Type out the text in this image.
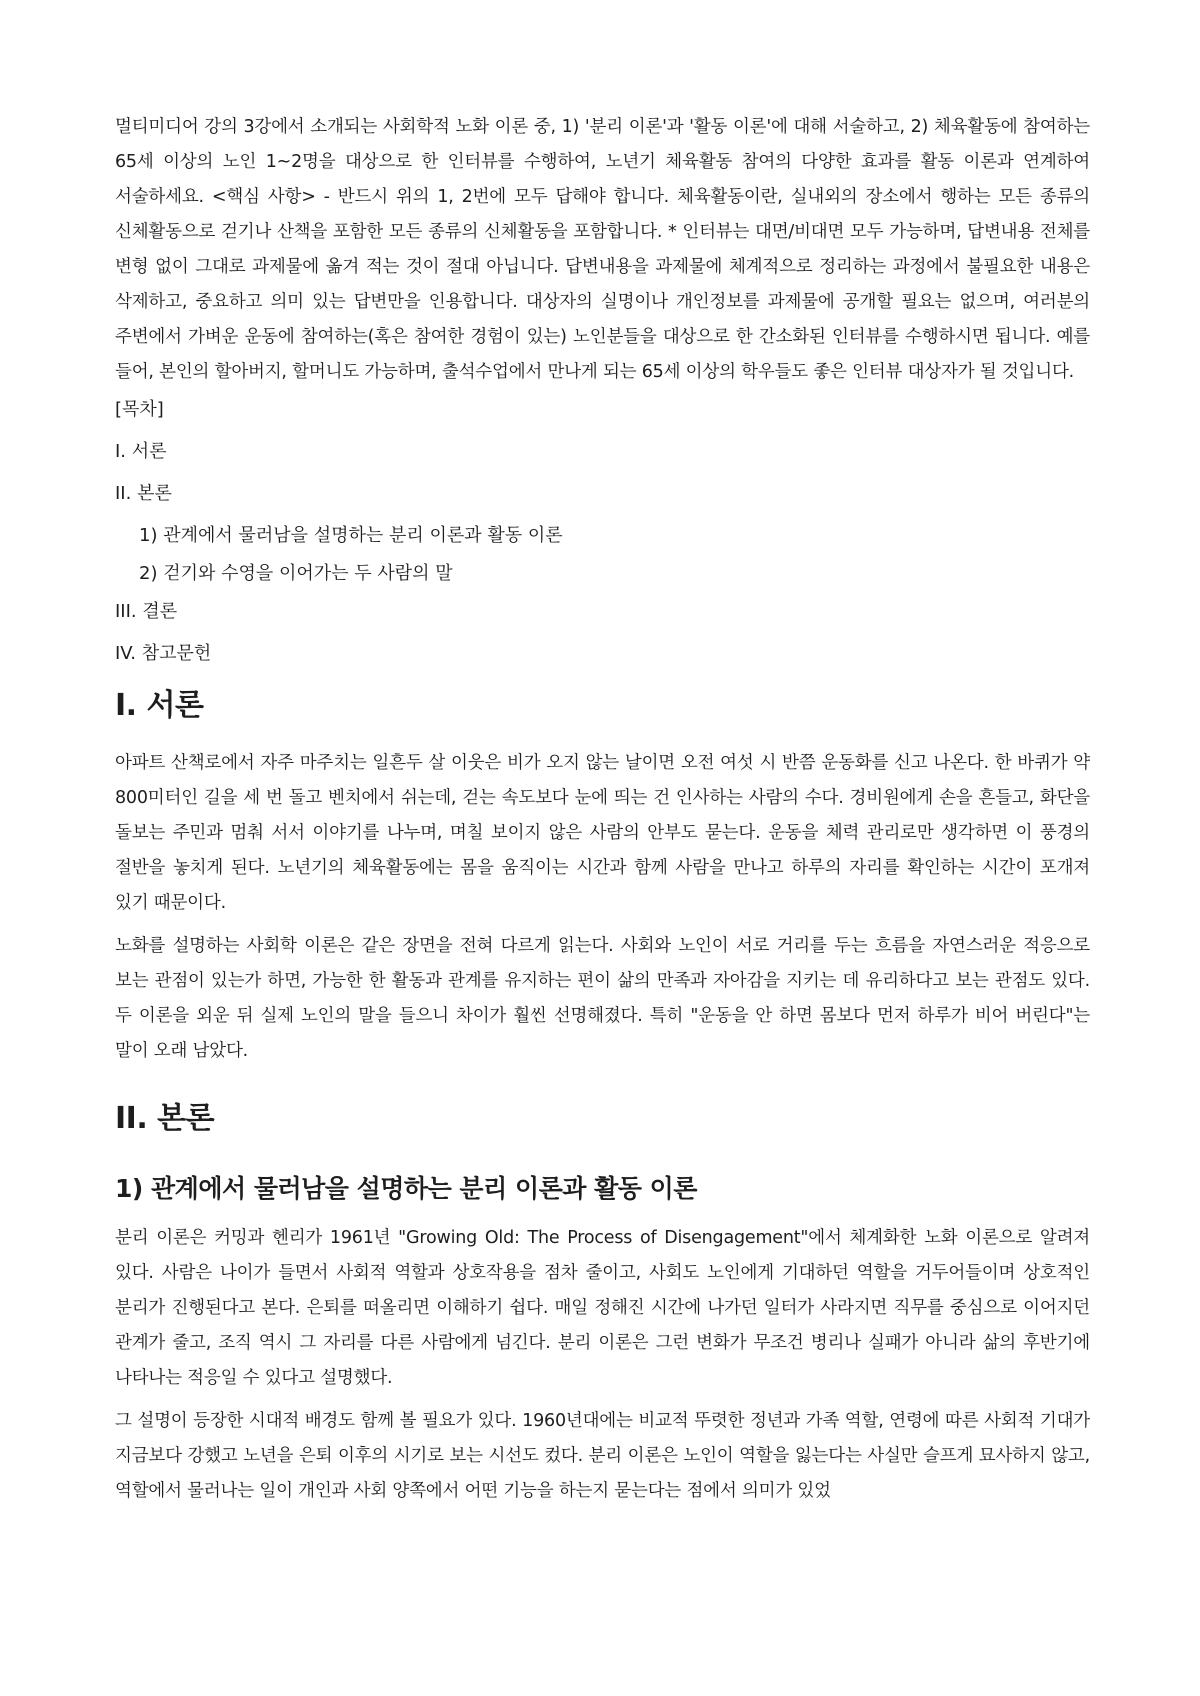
멀티미디어 강의 3강에서 소개되는 사회학적 노화 이론 중, 1) '분리 이론'과 '활동 이론'에 대해 서술하고, 2) 체육활동에 참여하는 65세 이상의 노인 1~2명을 대상으로 한 인터뷰를 수행하여, 노년기 체육활동 참여의 다양한 효과를 활동 이론과 연계하여 서술하세요. <핵심 사항> - 반드시 위의 1, 2번에 모두 답해야 합니다. 체육활동이란, 실내외의 장소에서 행하는 모든 종류의 신체활동으로 걷기나 산책을 포함한 모든 종류의 신체활동을 포함합니다. * 인터뷰는 대면/비대면 모두 가능하며, 답변내용 전체를 변형 없이 그대로 과제물에 옮겨 적는 것이 절대 아닙니다. 답변내용을 과제물에 체계적으로 정리하는 과정에서 불필요한 내용은 삭제하고, 중요하고 의미 있는 답변만을 인용합니다. 대상자의 실명이나 개인정보를 과제물에 공개할 필요는 없으며, 여러분의 주변에서 가벼운 운동에 참여하는(혹은 참여한 경험이 있는) 노인분들을 대상으로 한 간소화된 인터뷰를 수행하시면 됩니다. 예를 들어, 본인의 할아버지, 할머니도 가능하며, 출석수업에서 만나게 되는 65세 이상의 학우들도 좋은 인터뷰 대상자가 될 것입니다.

[목차]
I. 서론
II. 본론
1) 관계에서 물러남을 설명하는 분리 이론과 활동 이론
2) 걷기와 수영을 이어가는 두 사람의 말
III. 결론
IV. 참고문헌
I. 서론

아파트 산책로에서 자주 마주치는 일흔두 살 이웃은 비가 오지 않는 날이면 오전 여섯 시 반쯤 운동화를 신고 나온다. 한 바퀴가 약 800미터인 길을 세 번 돌고 벤치에서 쉬는데, 걷는 속도보다 눈에 띄는 건 인사하는 사람의 수다. 경비원에게 손을 흔들고, 화단을 돌보는 주민과 멈춰 서서 이야기를 나누며, 며칠 보이지 않은 사람의 안부도 묻는다. 운동을 체력 관리로만 생각하면 이 풍경의 절반을 놓치게 된다. 노년기의 체육활동에는 몸을 움직이는 시간과 함께 사람을 만나고 하루의 자리를 확인하는 시간이 포개져 있기 때문이다.

노화를 설명하는 사회학 이론은 같은 장면을 전혀 다르게 읽는다. 사회와 노인이 서로 거리를 두는 흐름을 자연스러운 적응으로 보는 관점이 있는가 하면, 가능한 한 활동과 관계를 유지하는 편이 삶의 만족과 자아감을 지키는 데 유리하다고 보는 관점도 있다. 두 이론을 외운 뒤 실제 노인의 말을 들으니 차이가 훨씬 선명해졌다. 특히 "운동을 안 하면 몸보다 먼저 하루가 비어 버린다"는 말이 오래 남았다.

II. 본론
1) 관계에서 물러남을 설명하는 분리 이론과 활동 이론

분리 이론은 커밍과 헨리가 1961년 "Growing Old: The Process of Disengagement"에서 체계화한 노화 이론으로 알려져 있다. 사람은 나이가 들면서 사회적 역할과 상호작용을 점차 줄이고, 사회도 노인에게 기대하던 역할을 거두어들이며 상호적인 분리가 진행된다고 본다. 은퇴를 떠올리면 이해하기 쉽다. 매일 정해진 시간에 나가던 일터가 사라지면 직무를 중심으로 이어지던 관계가 줄고, 조직 역시 그 자리를 다른 사람에게 넘긴다. 분리 이론은 그런 변화가 무조건 병리나 실패가 아니라 삶의 후반기에 나타나는 적응일 수 있다고 설명했다.

그 설명이 등장한 시대적 배경도 함께 볼 필요가 있다. 1960년대에는 비교적 뚜렷한 정년과 가족 역할, 연령에 따른 사회적 기대가 지금보다 강했고 노년을 은퇴 이후의 시기로 보는 시선도 컸다. 분리 이론은 노인이 역할을 잃는다는 사실만 슬프게 묘사하지 않고, 역할에서 물러나는 일이 개인과 사회 양쪽에서 어떤 기능을 하는지 묻는다는 점에서 의미가 있었
